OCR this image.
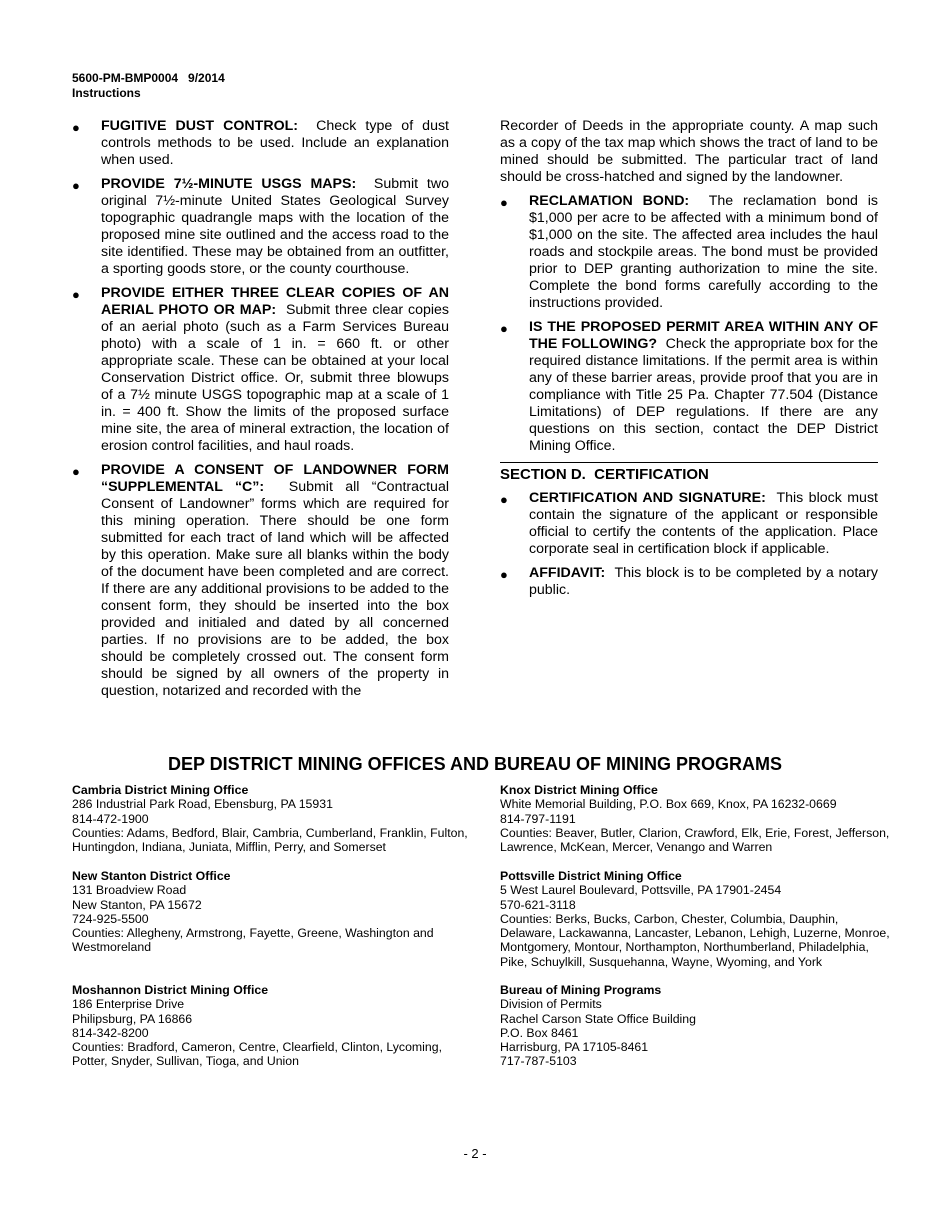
5600-PM-BMP0004   9/2014
Instructions
● FUGITIVE DUST CONTROL: Check type of dust controls methods to be used. Include an explanation when used.
● PROVIDE 7½-MINUTE USGS MAPS: Submit two original 7½-minute United States Geological Survey topographic quadrangle maps with the location of the proposed mine site outlined and the access road to the site identified. These may be obtained from an outfitter, a sporting goods store, or the county courthouse.
● PROVIDE EITHER THREE CLEAR COPIES OF AN AERIAL PHOTO OR MAP: Submit three clear copies of an aerial photo (such as a Farm Services Bureau photo) with a scale of 1 in. = 660 ft. or other appropriate scale. These can be obtained at your local Conservation District office. Or, submit three blowups of a 7½ minute USGS topographic map at a scale of 1 in. = 400 ft. Show the limits of the proposed surface mine site, the area of mineral extraction, the location of erosion control facilities, and haul roads.
● PROVIDE A CONSENT OF LANDOWNER FORM “SUPPLEMENTAL “C”: Submit all “Contractual Consent of Landowner” forms which are required for this mining operation. There should be one form submitted for each tract of land which will be affected by this operation. Make sure all blanks within the body of the document have been completed and are correct. If there are any additional provisions to be added to the consent form, they should be inserted into the box provided and initialed and dated by all concerned parties. If no provisions are to be added, the box should be completely crossed out. The consent form should be signed by all owners of the property in question, notarized and recorded with the

Recorder of Deeds in the appropriate county. A map such as a copy of the tax map which shows the tract of land to be mined should be submitted. The particular tract of land should be cross-hatched and signed by the landowner.

● RECLAMATION BOND: The reclamation bond is $1,000 per acre to be affected with a minimum bond of $1,000 on the site. The affected area includes the haul roads and stockpile areas. The bond must be provided prior to DEP granting authorization to mine the site. Complete the bond forms carefully according to the instructions provided.
● IS THE PROPOSED PERMIT AREA WITHIN ANY OF THE FOLLOWING? Check the appropriate box for the required distance limitations. If the permit area is within any of these barrier areas, provide proof that you are in compliance with Title 25 Pa. Chapter 77.504 (Distance Limitations) of DEP regulations. If there are any questions on this section, contact the DEP District Mining Office.
SECTION D.  CERTIFICATION
● CERTIFICATION AND SIGNATURE: This block must contain the signature of the applicant or responsible official to certify the contents of the application. Place corporate seal in certification block if applicable.
● AFFIDAVIT: This block is to be completed by a notary public.
DEP DISTRICT MINING OFFICES AND BUREAU OF MINING PROGRAMS
Cambria District Mining Office
286 Industrial Park Road, Ebensburg, PA 15931
814-472-1900
Counties: Adams, Bedford, Blair, Cambria, Cumberland, Franklin, Fulton,
Huntingdon, Indiana, Juniata, Mifflin, Perry, and Somerset
New Stanton District Office
131 Broadview Road
New Stanton, PA 15672
724-925-5500
Counties: Allegheny, Armstrong, Fayette, Greene, Washington and
Westmoreland
Moshannon District Mining Office
186 Enterprise Drive
Philipsburg, PA 16866
814-342-8200
Counties: Bradford, Cameron, Centre, Clearfield, Clinton, Lycoming,
Potter, Snyder, Sullivan, Tioga, and Union
Knox District Mining Office
White Memorial Building, P.O. Box 669, Knox, PA 16232-0669
814-797-1191
Counties: Beaver, Butler, Clarion, Crawford, Elk, Erie, Forest, Jefferson,
Lawrence, McKean, Mercer, Venango and Warren
Pottsville District Mining Office
5 West Laurel Boulevard, Pottsville, PA 17901-2454
570-621-3118
Counties: Berks, Bucks, Carbon, Chester, Columbia, Dauphin,
Delaware, Lackawanna, Lancaster, Lebanon, Lehigh, Luzerne, Monroe,
Montgomery, Montour, Northampton, Northumberland, Philadelphia,
Pike, Schuylkill, Susquehanna, Wayne, Wyoming, and York
Bureau of Mining Programs
Division of Permits
Rachel Carson State Office Building
P.O. Box 8461
Harrisburg, PA 17105-8461
717-787-5103
- 2 -
